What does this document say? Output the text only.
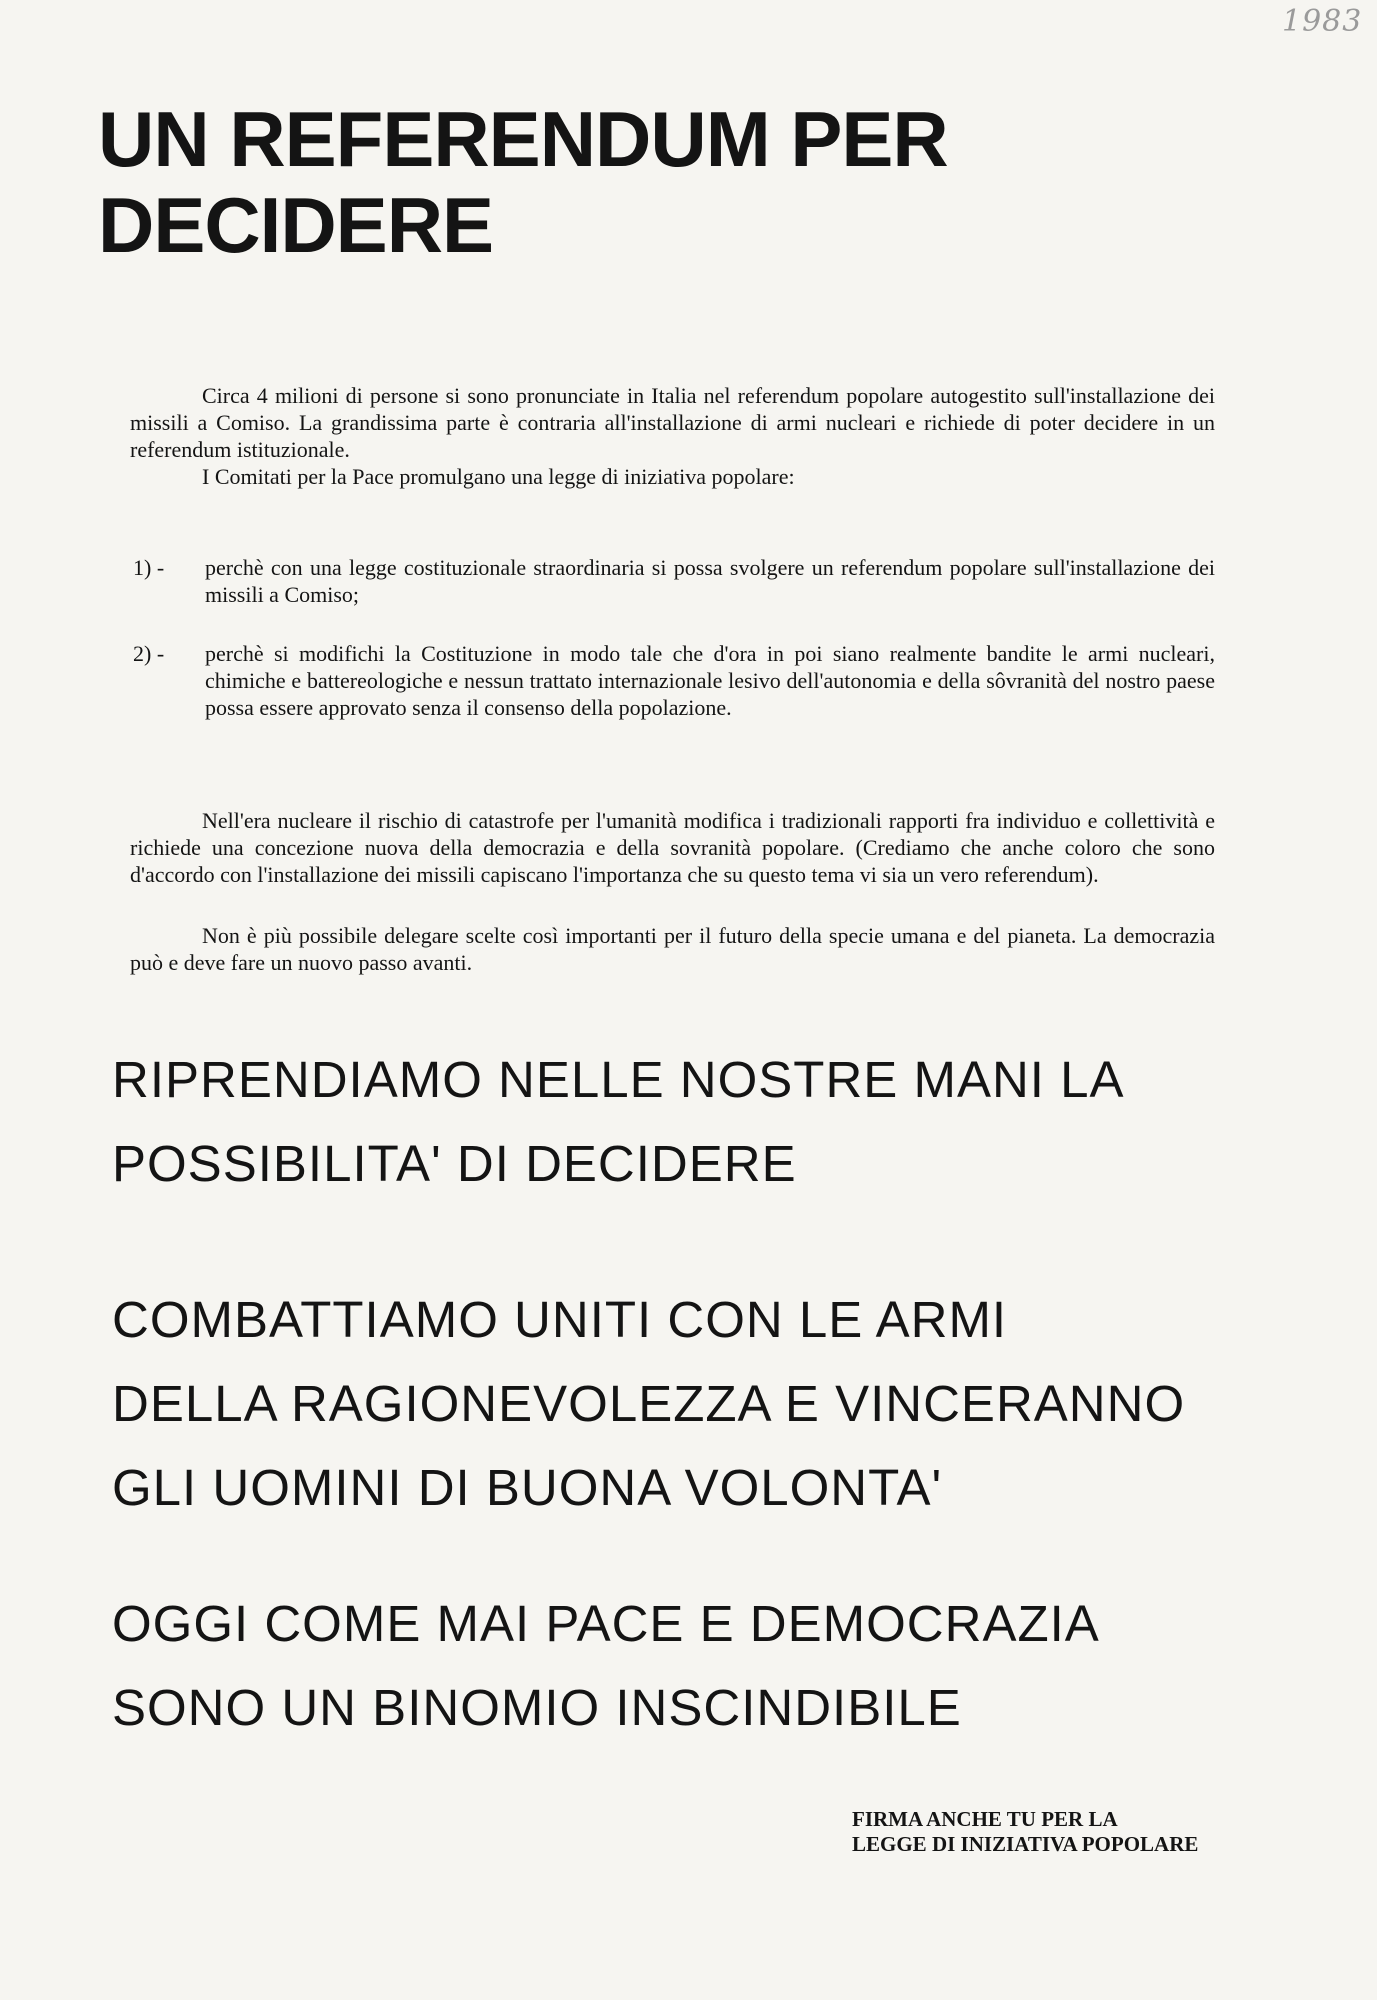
1983
UN REFERENDUM PER
DECIDERE

Circa 4 milioni di persone si sono pronunciate in Italia nel referendum popolare autogestito sull'installazione dei missili a Comiso. La grandissima parte è contraria all'installazione di armi nucleari e richiede di poter decidere in un referendum istituzionale.

I Comitati per la Pace promulgano una legge di iniziativa popolare:

1) -	perchè con una legge costituzionale straordinaria si possa svolgere un referendum popolare sull'installazione dei missili a Comiso;

2) -	perchè si modifichi la Costituzione in modo tale che d'ora in poi siano realmente bandite le armi nucleari, chimiche e battereologiche e nessun trattato internazionale lesivo dell'autonomia e della sôvranità del nostro paese possa essere approvato senza il consenso della popolazione.

Nell'era nucleare il rischio di catastrofe per l'umanità modifica i tradizionali rapporti fra individuo e collettività e richiede una concezione nuova della democrazia e della sovranità popolare. (Crediamo che anche coloro che sono d'accordo con l'installazione dei missili capiscano l'importanza che su questo tema vi sia un vero referendum).

Non è più possibile delegare scelte così importanti per il futuro della specie umana e del pianeta. La democrazia può e deve fare un nuovo passo avanti.

RIPRENDIAMO NELLE NOSTRE MANI LA
POSSIBILITA' DI DECIDERE
COMBATTIAMO UNITI CON LE ARMI
DELLA RAGIONEVOLEZZA E VINCERANNO
GLI UOMINI DI BUONA VOLONTA'
OGGI COME MAI PACE E DEMOCRAZIA
SONO UN BINOMIO INSCINDIBILE

FIRMA ANCHE TU PER LA
LEGGE DI INIZIATIVA POPOLARE
